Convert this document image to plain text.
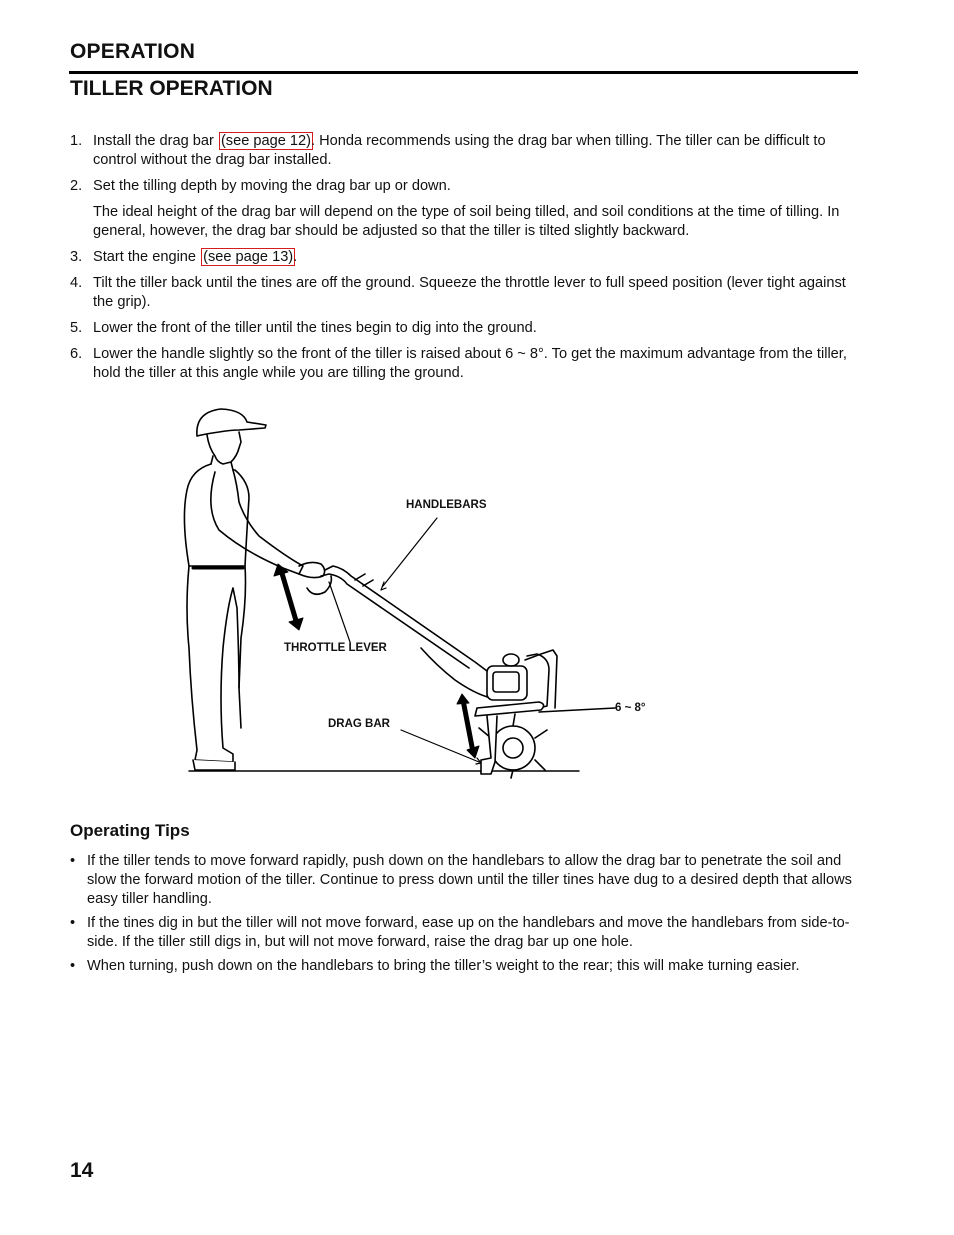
OPERATION
TILLER OPERATION
1. Install the drag bar (see page 12). Honda recommends using the drag bar when tilling. The tiller can be difficult to control without the drag bar installed.
2. Set the tilling depth by moving the drag bar up or down.
The ideal height of the drag bar will depend on the type of soil being tilled, and soil conditions at the time of tilling. In general, however, the drag bar should be adjusted so that the tiller is tilted slightly backward.
3. Start the engine (see page 13).
4. Tilt the tiller back until the tines are off the ground. Squeeze the throttle lever to full speed position (lever tight against the grip).
5. Lower the front of the tiller until the tines begin to dig into the ground.
6. Lower the handle slightly so the front of the tiller is raised about 6 ~ 8°. To get the maximum advantage from the tiller, hold the tiller at this angle while you are tilling the ground.
HANDLEBARS
THROTTLE LEVER
DRAG BAR
6 ~ 8°
Operating Tips
• If the tiller tends to move forward rapidly, push down on the handlebars to allow the drag bar to penetrate the soil and slow the forward motion of the tiller. Continue to press down until the tiller tines have dug to a desired depth that allows easy tiller handling.
• If the tines dig in but the tiller will not move forward, ease up on the handlebars and move the handlebars from side-to-side. If the tiller still digs in, but will not move forward, raise the drag bar up one hole.
• When turning, push down on the handlebars to bring the tiller’s weight to the rear; this will make turning easier.
14
